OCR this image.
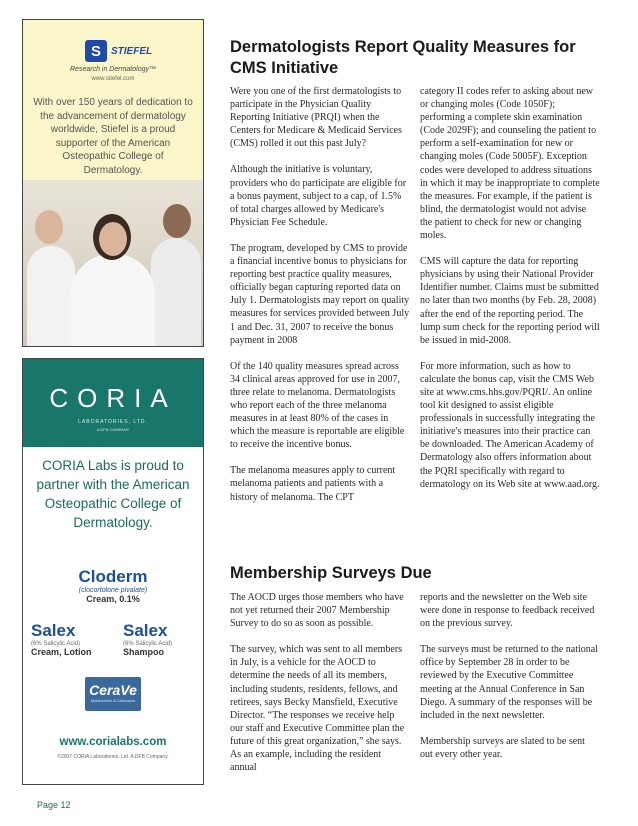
S	STIEFEL
Research in Dermatology™
www.stiefel.com
With over 150 years of dedication to the advancement of dermatology worldwide, Stiefel is a proud supporter of the American Osteopathic College of Dermatology.
CORIA
LABORATORIES, LTD.
A DFB COMPANY
CORIA Labs is proud to partner with the American Osteopathic College of Dermatology.
Cloderm
(clocortolone pivalate)
Cream, 0.1%
Salex
(6% Salicylic Acid)
Cream, Lotion
Salex
(6% Salicylic Acid)
Shampoo
CeraVe
Moisturizers & Cleansers
www.corialabs.com
©2007 CORIA Laboratories, Ltd. A DFB Company.
Dermatologists Report Quality Measures for CMS Initiative

Were you one of the first dermatologists to participate in the Physician Quality Reporting Initiative (PRQI) when the Centers for Medicare & Medicaid Services (CMS) rolled it out this past July?

Although the initiative is voluntary, providers who do participate are eligible for a bonus payment, subject to a cap, of 1.5% of total charges allowed by Medicare's Physician Fee Schedule.

The program, developed by CMS to provide a financial incentive bonus to physicians for reporting best practice quality measures, officially began capturing reported data on July 1. Dermatologists may report on quality measures for services provided between July 1 and Dec. 31, 2007 to receive the bonus payment in 2008

Of the 140 quality measures spread across 34 clinical areas approved for use in 2007, three relate to melanoma. Dermatologists who report each of the three melanoma measures in at least 80% of the cases in which the measure is reportable are eligible to receive the incentive bonus.

The melanoma measures apply to current melanoma patients and patients with a history of melanoma. The CPT

category II codes refer to asking about new or changing moles (Code 1050F); performing a complete skin examination (Code 2029F); and counseling the patient to perform a self-examination for new or changing moles (Code 5005F). Exception codes were developed to address situations in which it may be inappropriate to complete the measures. For example, if the patient is blind, the dermatologist would not advise the patient to check for new or changing moles.

CMS will capture the data for reporting physicians by using their National Provider Identifier number. Claims must be submitted no later than two months (by Feb. 28, 2008) after the end of the reporting period. The lump sum check for the reporting period will be issued in mid-2008.

For more information, such as how to calculate the bonus cap, visit the CMS Web site at www.cms.hhs.gov/PQRI/. An online tool kit designed to assist eligible professionals in successfully integrating the initiative's measures into their practice can be downloaded. The American Academy of Dermatology also offers information about the PQRI specifically with regard to dermatology on its Web site at www.aad.org.

Membership Surveys Due

The AOCD urges those members who have not yet returned their 2007 Membership Survey to do so as soon as possible.

The survey, which was sent to all members in July, is a vehicle for the AOCD to determine the needs of all its members, including students, residents, fellows, and retirees, says Becky Mansfield, Executive Director. “The responses we receive help our staff and Executive Committee plan the future of this great organization,” she says. As an example, including the resident annual

reports and the newsletter on the Web site were done in response to feedback received on the previous survey.

The surveys must be returned to the national office by September 28 in order to be reviewed by the Executive Committee meeting at the Annual Conference in San Diego. A summary of the responses will be included in the next newsletter.

Membership surveys are slated to be sent out every other year.

Page 12
